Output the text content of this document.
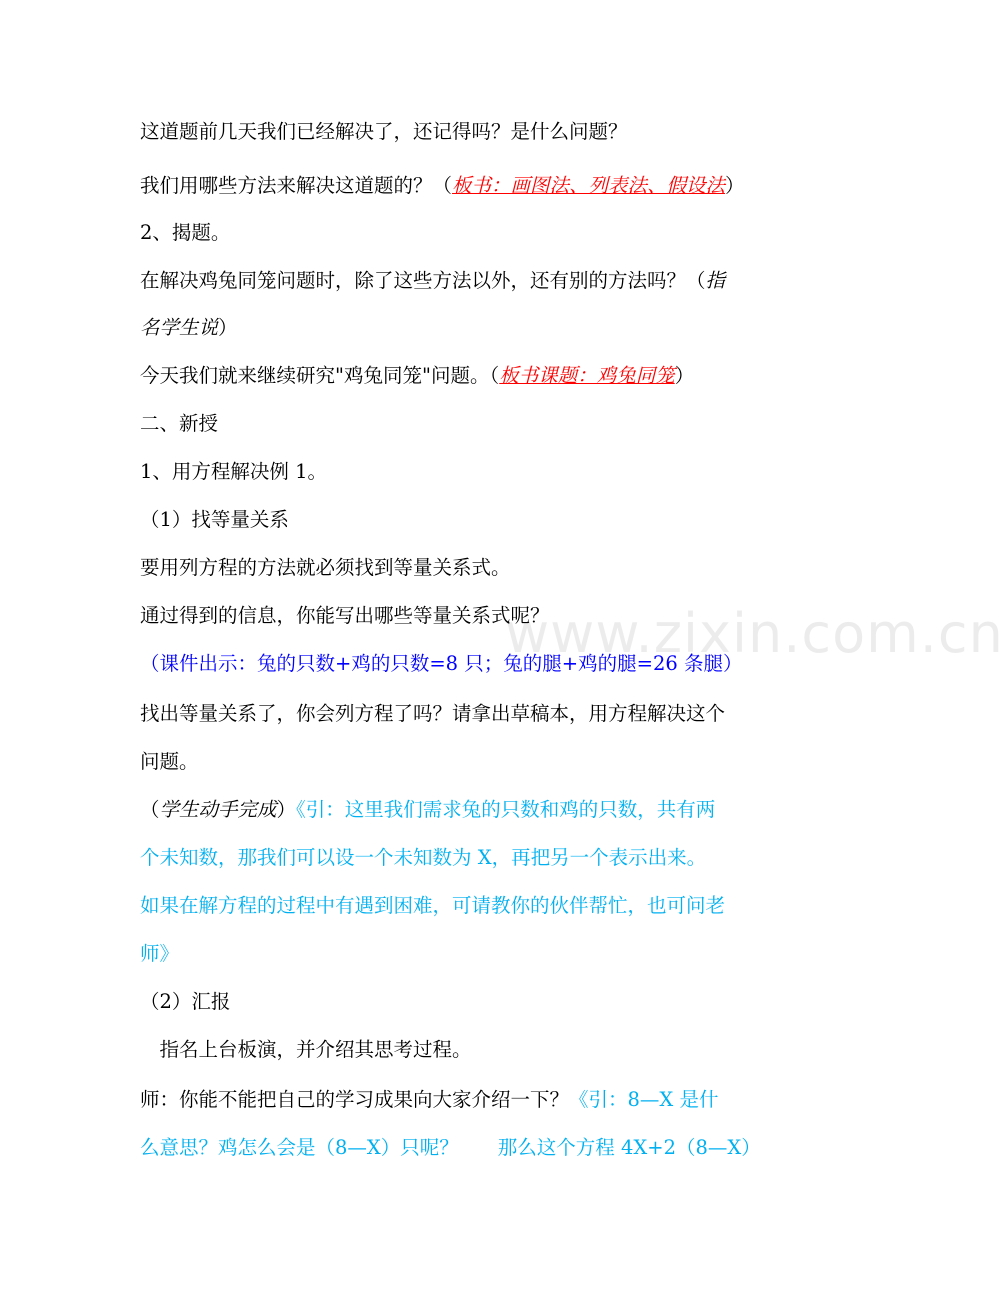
www.zixin.com.cn
这道题前几天我们已经解决了，还记得吗？是什么问题？
我们用哪些方法来解决这道题的？（板书：画图法、列表法、假设法）
2、揭题。
在解决鸡兔同笼问题时，除了这些方法以外，还有别的方法吗？（指
名学生说）
今天我们就来继续研究"鸡兔同笼"问题。（板书课题：鸡兔同笼）
二、新授
1、用方程解决例 1。
（1）找等量关系
要用列方程的方法就必须找到等量关系式。
通过得到的信息，你能写出哪些等量关系式呢？
（课件出示：兔的只数+鸡的只数=8 只；兔的腿+鸡的腿=26 条腿）
找出等量关系了，你会列方程了吗？请拿出草稿本，用方程解决这个
问题。
（学生动手完成）《引：这里我们需求兔的只数和鸡的只数，共有两
个未知数，那我们可以设一个未知数为 X，再把另一个表示出来。
如果在解方程的过程中有遇到困难，可请教你的伙伴帮忙，也可问老
师》
（2）汇报
　指名上台板演，并介绍其思考过程。
师：你能不能把自己的学习成果向大家介绍一下？《引：8—X 是什
么意思？鸡怎么会是（8—X）只呢？　　那么这个方程 4X+2（8—X）
